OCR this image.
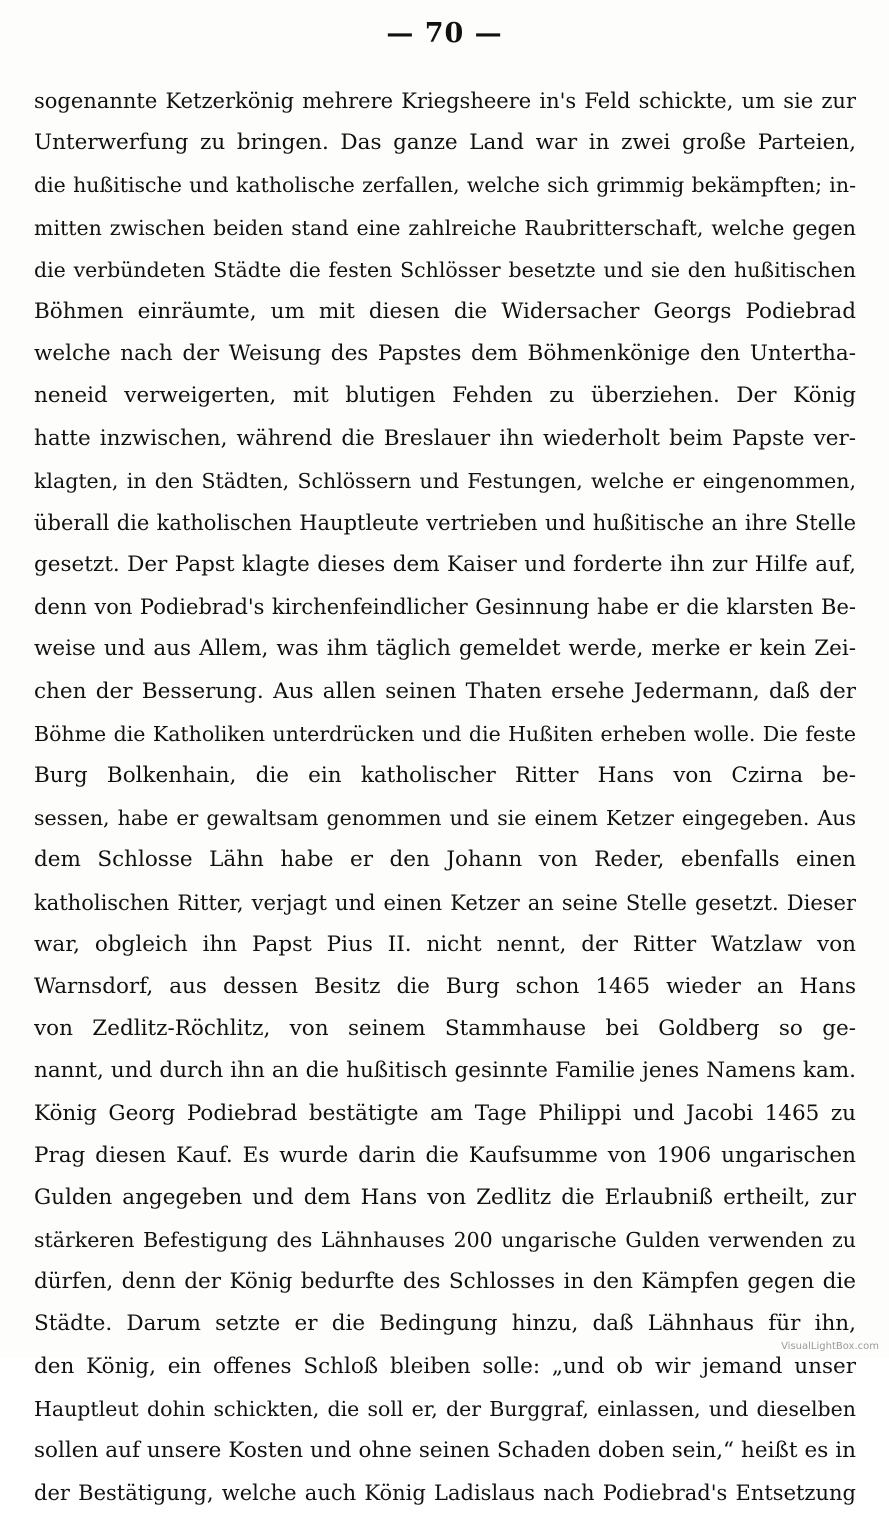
— 70 —
sogenannte Ketzerkönig mehrere Kriegsheere in's Feld schickte, um sie zur
Unterwerfung zu bringen. Das ganze Land war in zwei große Parteien,
die hußitische und katholische zerfallen, welche sich grimmig bekämpften; in-
mitten zwischen beiden stand eine zahlreiche Raubritterschaft, welche gegen
die verbündeten Städte die festen Schlösser besetzte und sie den hußitischen
Böhmen einräumte, um mit diesen die Widersacher Georgs Podiebrad
welche nach der Weisung des Papstes dem Böhmenkönige den Untertha-
neneid verweigerten, mit blutigen Fehden zu überziehen. Der König
hatte inzwischen, während die Breslauer ihn wiederholt beim Papste ver-
klagten, in den Städten, Schlössern und Festungen, welche er eingenommen,
überall die katholischen Hauptleute vertrieben und hußitische an ihre Stelle
gesetzt. Der Papst klagte dieses dem Kaiser und forderte ihn zur Hilfe auf,
denn von Podiebrad's kirchenfeindlicher Gesinnung habe er die klarsten Be-
weise und aus Allem, was ihm täglich gemeldet werde, merke er kein Zei-
chen der Besserung. Aus allen seinen Thaten ersehe Jedermann, daß der
Böhme die Katholiken unterdrücken und die Hußiten erheben wolle. Die feste
Burg Bolkenhain, die ein katholischer Ritter Hans von Czirna be-
sessen, habe er gewaltsam genommen und sie einem Ketzer eingegeben. Aus
dem Schlosse Lähn habe er den Johann von Reder, ebenfalls einen
katholischen Ritter, verjagt und einen Ketzer an seine Stelle gesetzt. Dieser
war, obgleich ihn Papst Pius II. nicht nennt, der Ritter Watzlaw von
Warnsdorf, aus dessen Besitz die Burg schon 1465 wieder an Hans
von Zedlitz-Röchlitz, von seinem Stammhause bei Goldberg so ge-
nannt, und durch ihn an die hußitisch gesinnte Familie jenes Namens kam.
König Georg Podiebrad bestätigte am Tage Philippi und Jacobi 1465 zu
Prag diesen Kauf. Es wurde darin die Kaufsumme von 1906 ungarischen
Gulden angegeben und dem Hans von Zedlitz die Erlaubniß ertheilt, zur
stärkeren Befestigung des Lähnhauses 200 ungarische Gulden verwenden zu
dürfen, denn der König bedurfte des Schlosses in den Kämpfen gegen die
Städte. Darum setzte er die Bedingung hinzu, daß Lähnhaus für ihn,
den König, ein offenes Schloß bleiben solle: „und ob wir jemand unser
Hauptleut dohin schickten, die soll er, der Burggraf, einlassen, und dieselben
sollen auf unsere Kosten und ohne seinen Schaden doben sein,“ heißt es in
der Bestätigung, welche auch König Ladislaus nach Podiebrad's Entsetzung
VisualLightBox.com
